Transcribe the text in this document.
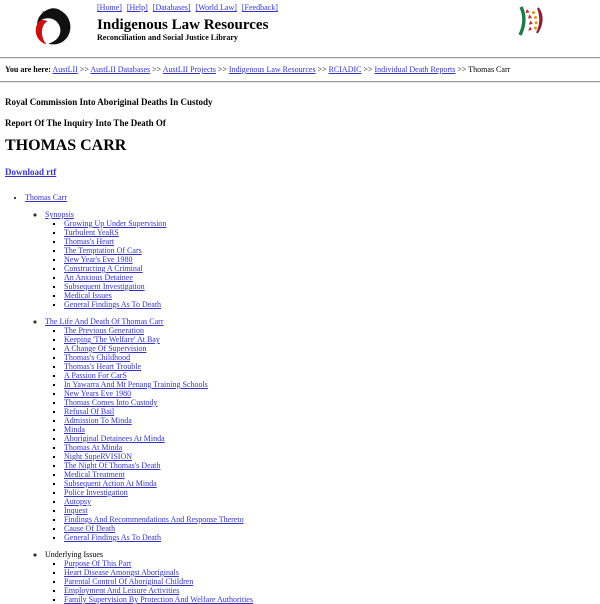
AustLII
[Home] [Help] [Databases] [World Law] [Feedback]
Indigenous Law Resources
Reconciliation and Social Justice Library
You are here: AustLII >> AustLII Databases >> AustLII Projects >> Indigenous Law Resources >> RCIADIC >> Individual Death Reports >> Thomas Carr
Royal Commission Into Aboriginal Deaths In Custody
Report Of The Inquiry Into The Death Of
THOMAS CARR
Download rtf
• Thomas Carr
◦ Synopsis
▪ Growing Up Under Supervision
▪ Turbulent YeaRS
▪ Thomas's Heart
▪ The Temptation Of Cars
▪ New Year's Eve 1980
▪ Constructing A Criminal
▪ An Anxious Detainee
▪ Subsequent Investigation
▪ Medical Issues
▪ General Findings As To Death
◦ The Life And Death Of Thomas Carr
▪ The Previous Generation
▪ Keeping 'The Welfare' At Bay
▪ A Change Of Supervision
▪ Thomas's Childhood
▪ Thomas's Heart Trouble
▪ A Passion For CarS
▪ In Yawarra And Mt Penang Training Schools
▪ New Years Eve 1980
▪ Thomas Comes Into Custody
▪ Refusal Of Bail
▪ Admission To Minda
▪ Minda
▪ Aboriginal Detainees At Minda
▪ Thomas At Minda
▪ Night SupeRVISION
▪ The Night Of Thomas's Death
▪ Medical Treatment
▪ Subsequent Action At Minda
▪ Police Investigation
▪ Autopsy
▪ Inquest
▪ Findings And Recommendations And Response Thereto
▪ Cause Of Death
▪ General Findings As To Death
◦ Underlying Issues
▪ Purpose Of This Part
▪ Heart Disease Amongst Aboriginals
▪ Parental Control Of Aboriginal Children
▪ Employment And Leisure Activities
▪ Family Supervision By Protection And Welfare Authorities
